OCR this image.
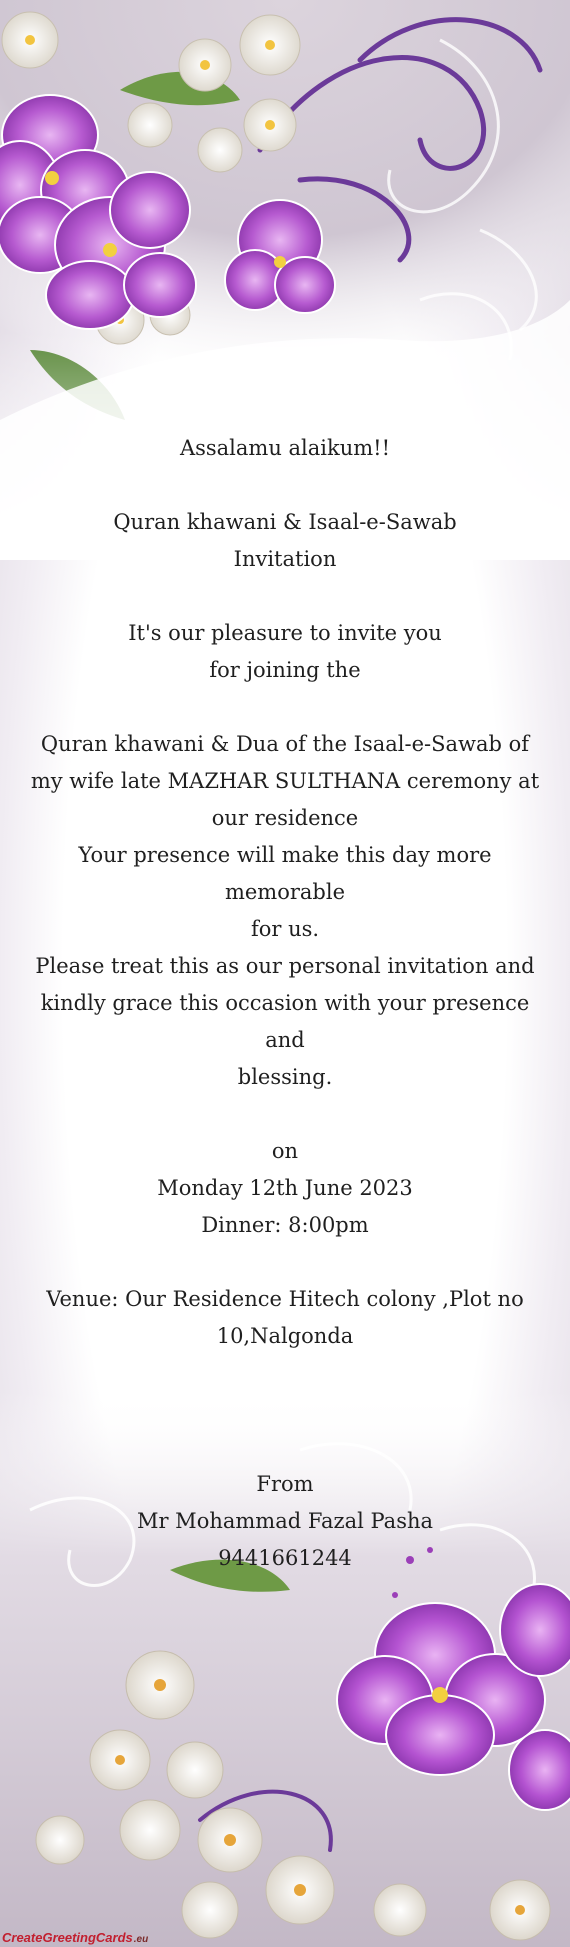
Assalamu alaikum!!
Quran khawani & Isaal-e-Sawab
Invitation
It's our pleasure to invite you
for joining the
Quran khawani & Dua of the Isaal-e-Sawab of
my wife late MAZHAR SULTHANA ceremony at
our residence
Your presence will make this day more memorable
for us.
Please treat this as our personal invitation and
kindly grace this occasion with your presence and
blessing.
on
Monday 12th June 2023
Dinner: 8:00pm
Venue: Our Residence Hitech colony ,Plot no
10,Nalgonda
From
Mr Mohammad Fazal Pasha
9441661244
CreateGreetingCards .eu
